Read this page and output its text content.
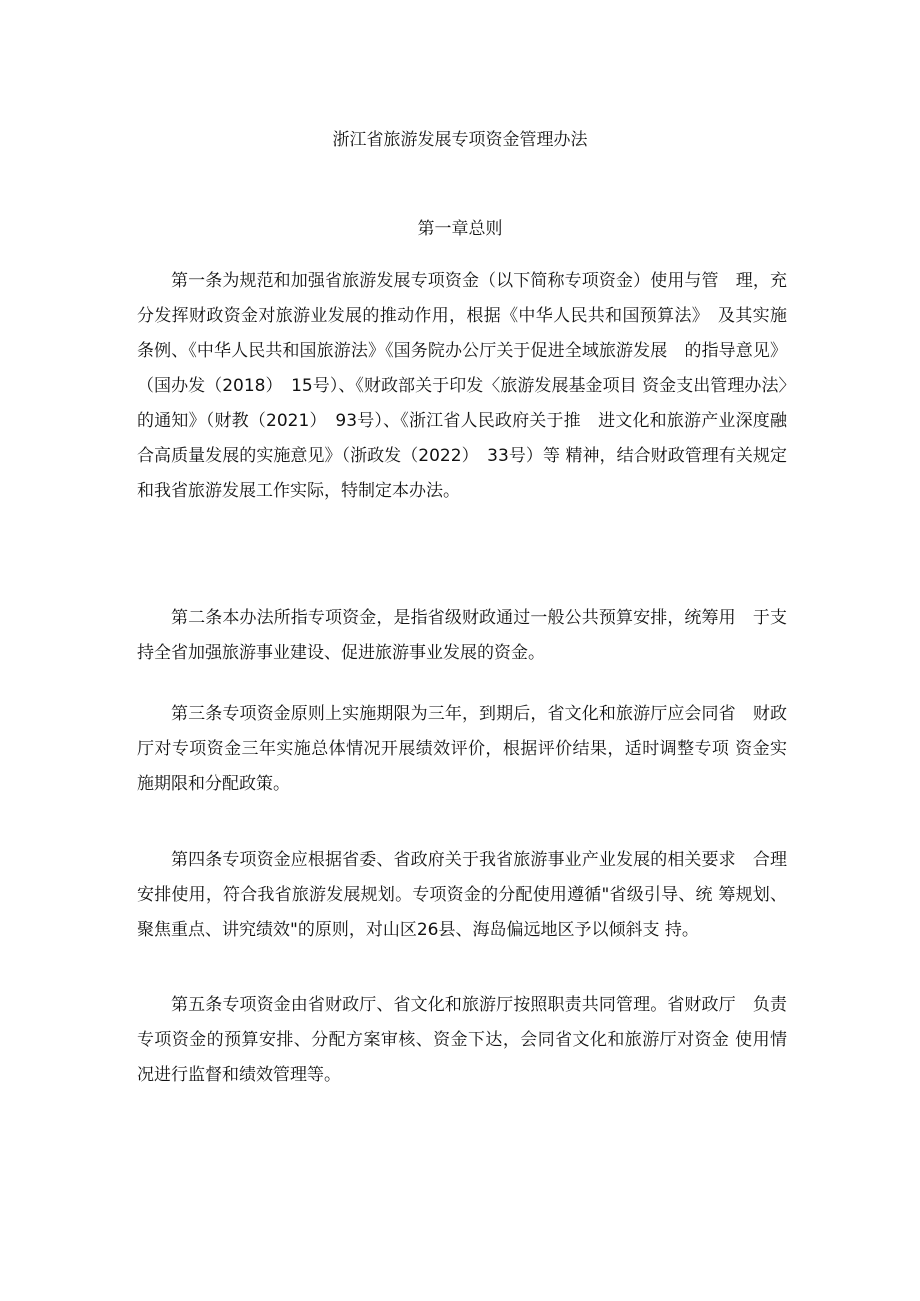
浙江省旅游发展专项资金管理办法
第一章总则

第一条为规范和加强省旅游发展专项资金（以下简称专项资金）使用与管　理，充分发挥财政资金对旅游业发展的推动作用，根据《中华人民共和国预算法》　及其实施条例、《中华人民共和国旅游法》《国务院办公厅关于促进全域旅游发展　的指导意见》（国办发（2018）　15号）、《财政部关于印发〈旅游发展基金项目 资金支出管理办法〉的通知》（财教（2021）　93号）、《浙江省人民政府关于推　进文化和旅游产业深度融合高质量发展的实施意见》（浙政发（2022）　33号）等 精神，结合财政管理有关规定和我省旅游发展工作实际，特制定本办法。

第二条本办法所指专项资金，是指省级财政通过一般公共预算安排，统筹用　于支持全省加强旅游事业建设、促进旅游事业发展的资金。

第三条专项资金原则上实施期限为三年，到期后，省文化和旅游厅应会同省　财政厅对专项资金三年实施总体情况开展绩效评价，根据评价结果，适时调整专项 资金实施期限和分配政策。

第四条专项资金应根据省委、省政府关于我省旅游事业产业发展的相关要求　合理安排使用，符合我省旅游发展规划。专项资金的分配使用遵循"省级引导、统 筹规划、聚焦重点、讲究绩效"的原则，对山区26县、海岛偏远地区予以倾斜支 持。

第五条专项资金由省财政厅、省文化和旅游厅按照职责共同管理。省财政厅　负责专项资金的预算安排、分配方案审核、资金下达，会同省文化和旅游厅对资金 使用情况进行监督和绩效管理等。
